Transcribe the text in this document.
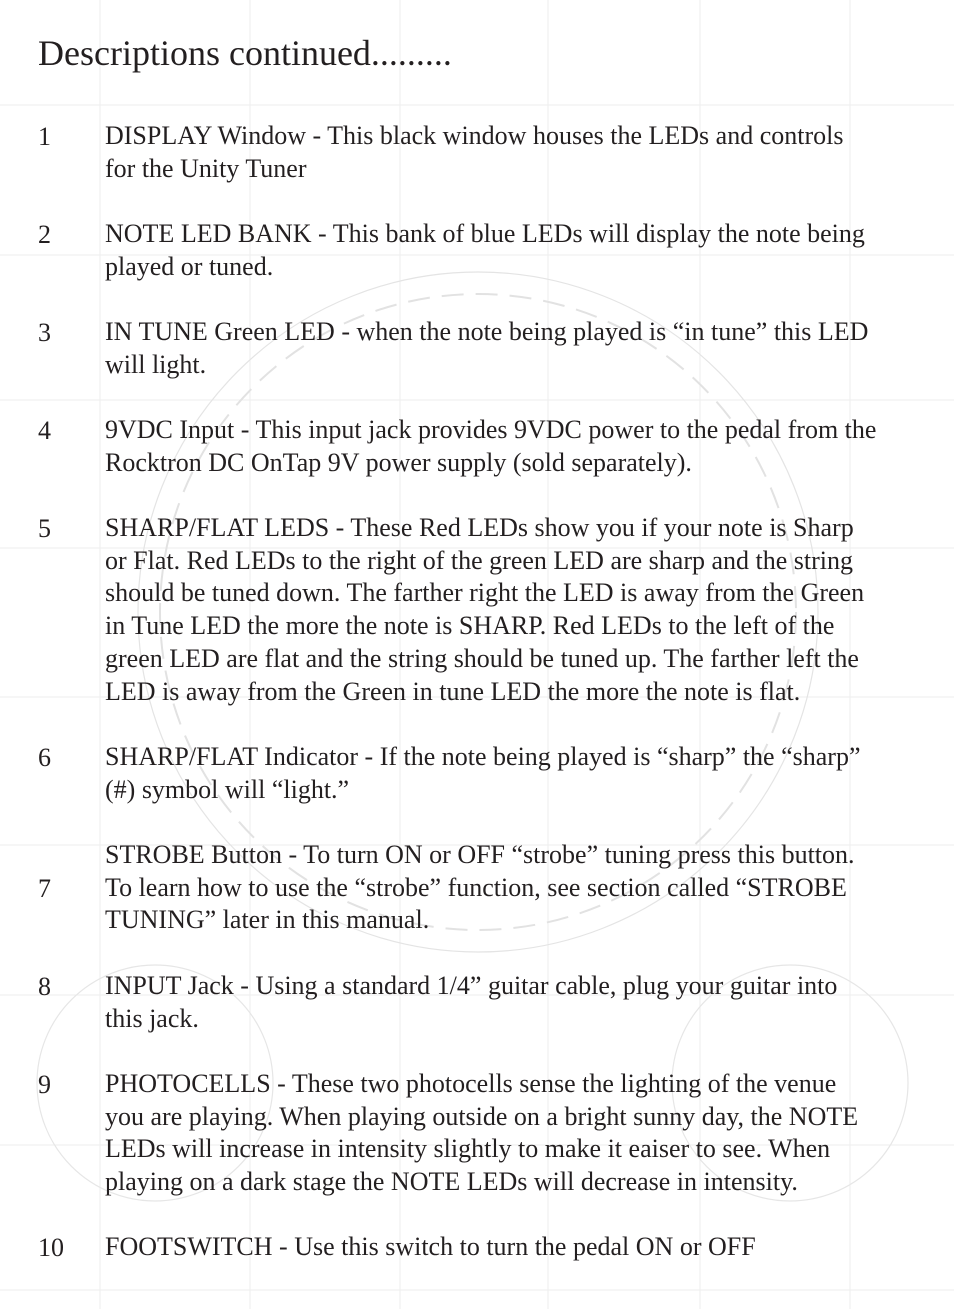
Descriptions continued.........
1 DISPLAY Window - This black window houses the LEDs and controls
for the Unity Tuner
2 NOTE LED BANK - This bank of blue LEDs will display the note being
played or tuned.
3 IN TUNE Green LED - when the note being played is “in tune” this LED
will light.
4 9VDC Input - This input jack provides 9VDC power to the pedal from the
Rocktron DC OnTap 9V power supply (sold separately).
5 SHARP/FLAT LEDS - These Red LEDs show you if your note is Sharp
or Flat. Red LEDs to the right of the green LED are sharp and the string
should be tuned down. The farther right the LED is away from the Green
in Tune LED the more the note is SHARP. Red LEDs to the left of the
green LED are flat and the string should be tuned up. The farther left the
LED is away from the Green in tune LED the more the note is flat.
6 SHARP/FLAT Indicator - If the note being played is “sharp” the “sharp”
(#) symbol will “light.”
7
STROBE Button - To turn ON or OFF “strobe” tuning press this button.
To learn how to use the “strobe” function, see section called “STROBE
TUNING” later in this manual.
8 INPUT Jack - Using a standard 1/4” guitar cable, plug your guitar into
this jack.
9 PHOTOCELLS - These two photocells sense the lighting of the venue
you are playing. When playing outside on a bright sunny day, the NOTE
LEDs will increase in intensity slightly to make it eaiser to see. When
playing on a dark stage the NOTE LEDs will decrease in intensity.
10 FOOTSWITCH - Use this switch to turn the pedal ON or OFF
